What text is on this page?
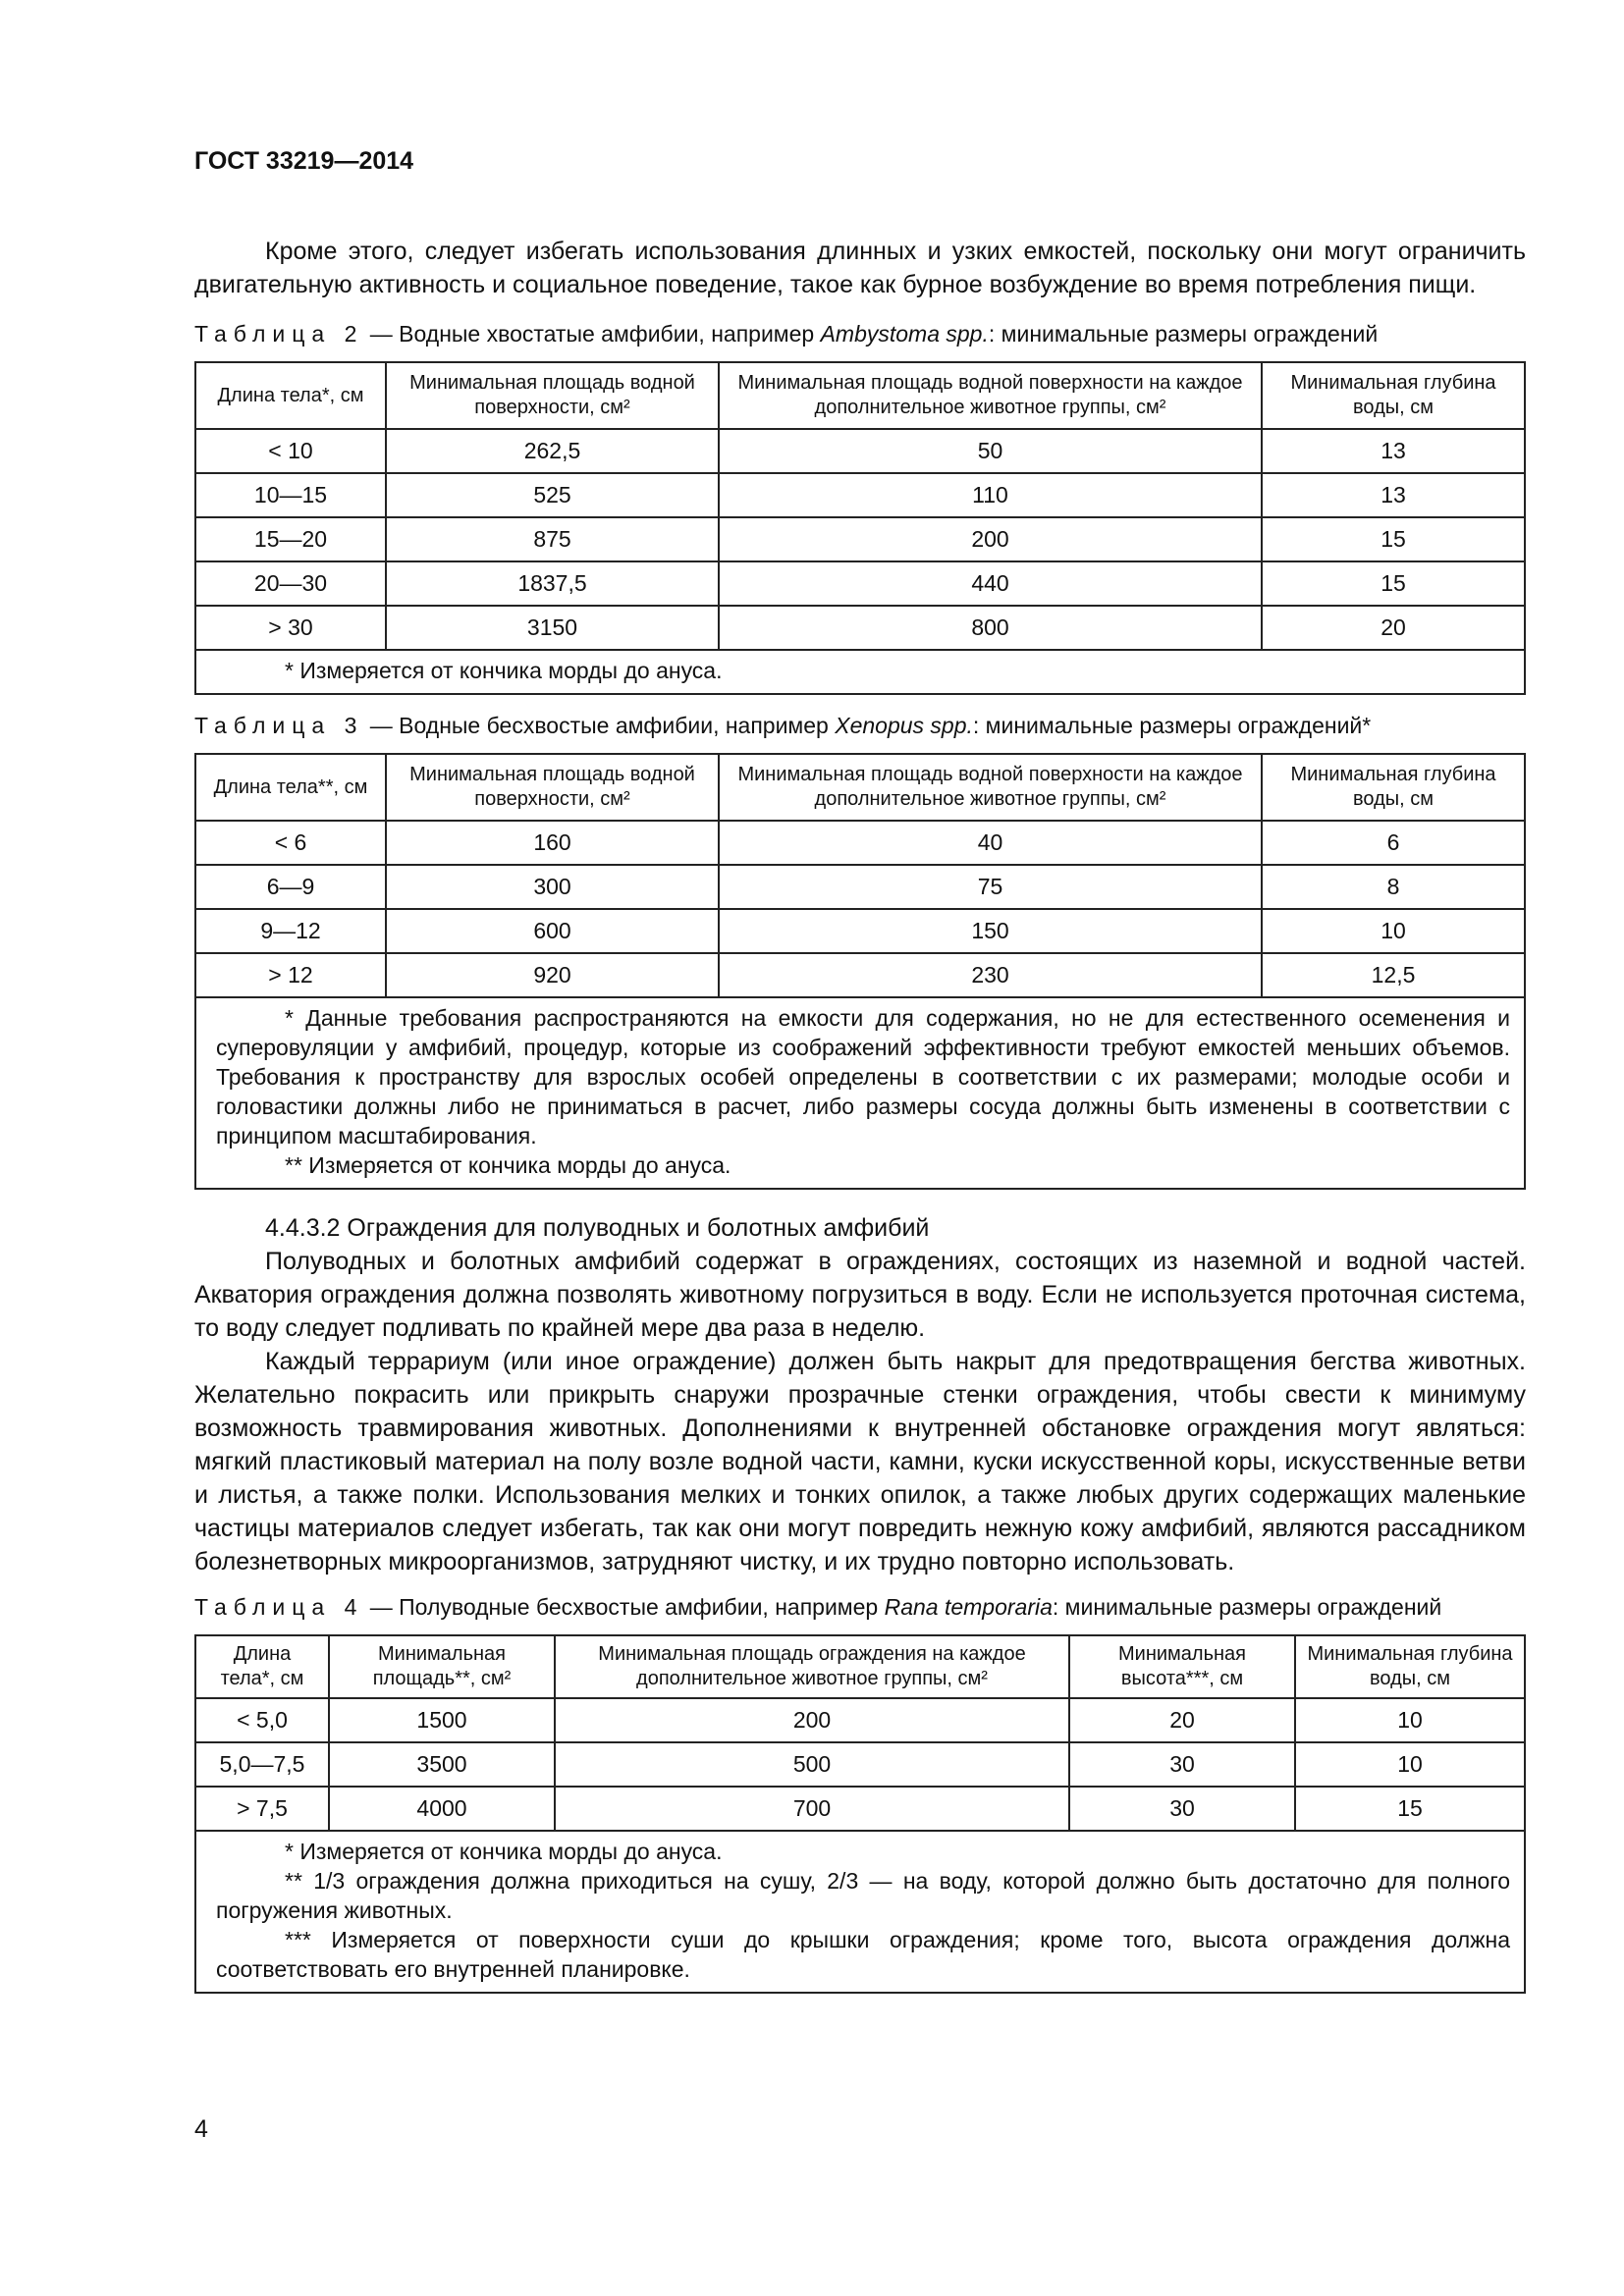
ГОСТ 33219—2014

Кроме этого, следует избегать использования длинных и узких емкостей, поскольку они могут ограничить двигательную активность и социальное поведение, такое как бурное возбуждение во время потребления пищи.

Таблица 2 — Водные хвостатые амфибии, например Ambystoma spp.: минимальные размеры ограждений
Длина тела*, см	Минимальная площадь водной поверхности, см²	Минимальная площадь водной поверхности на каждое дополнительное животное группы, см²	Минимальная глубина воды, см
< 10	262,5	50	13
10—15	525	110	13
15—20	875	200	15
20—30	1837,5	440	15
> 30	3150	800	20

* Измеряется от кончика морды до ануса.			
Таблица 3 — Водные бесхвостые амфибии, например Xenopus spp.: минимальные размеры ограждений*
Длина тела**, см	Минимальная площадь водной поверхности, см²	Минимальная площадь водной поверхности на каждое дополнительное животное группы, см²	Минимальная глубина воды, см
< 6	160	40	6
6—9	300	75	8
9—12	600	150	10
> 12	920	230	12,5

* Данные требования распространяются на емкости для содержания, но не для естественного осеменения и суперовуляции у амфибий, процедур, которые из соображений эффективности требуют емкостей меньших объемов. Требования к пространству для взрослых особей определены в соответствии с их размерами; молодые особи и головастики должны либо не приниматься в расчет, либо размеры сосуда должны быть изменены в соответствии с принципом масштабирования.
** Измеряется от кончика морды до ануса.			

4.4.3.2 Ограждения для полуводных и болотных амфибий

Полуводных и болотных амфибий содержат в ограждениях, состоящих из наземной и водной частей. Акватория ограждения должна позволять животному погрузиться в воду. Если не используется проточная система, то воду следует подливать по крайней мере два раза в неделю.

Каждый террариум (или иное ограждение) должен быть накрыт для предотвращения бегства животных. Желательно покрасить или прикрыть снаружи прозрачные стенки ограждения, чтобы свести к минимуму возможность травмирования животных. Дополнениями к внутренней обстановке ограждения могут являться: мягкий пластиковый материал на полу возле водной части, камни, куски искусственной коры, искусственные ветви и листья, а также полки. Использования мелких и тонких опилок, а также любых других содержащих маленькие частицы материалов следует избегать, так как они могут повредить нежную кожу амфибий, являются рассадником болезнетворных микроорганизмов, затрудняют чистку, и их трудно повторно использовать.

Таблица 4 — Полуводные бесхвостые амфибии, например Rana temporaria: минимальные размеры ограждений
Длина тела*, см	Минимальная площадь**, см²	Минимальная площадь ограждения на каждое дополнительное животное группы, см²	Минимальная высота***, см	Минимальная глубина воды, см
< 5,0	1500	200	20	10
5,0—7,5	3500	500	30	10
> 7,5	4000	700	30	15

* Измеряется от кончика морды до ануса.
** 1/3 ограждения должна приходиться на сушу, 2/3 — на воду, которой должно быть достаточно для полного погружения животных.
*** Измеряется от поверхности суши до крышки ограждения; кроме того, высота ограждения должна соответствовать его внутренней планировке.				
4
